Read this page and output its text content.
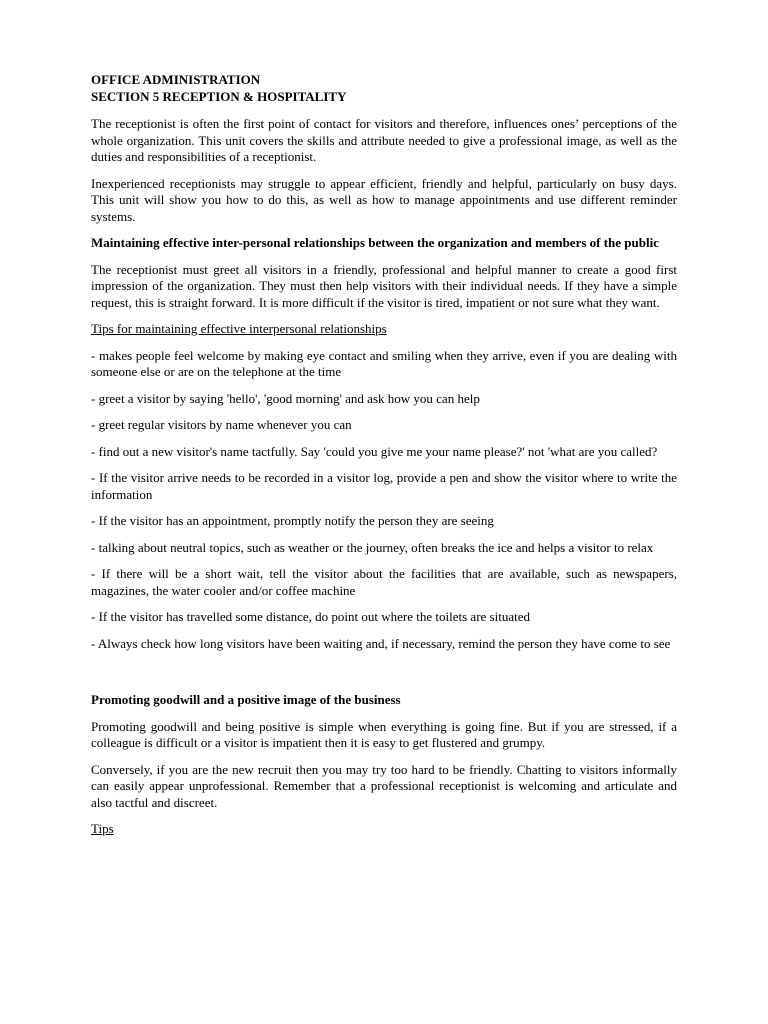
OFFICE ADMINISTRATION
SECTION 5 RECEPTION & HOSPITALITY

The receptionist is often the first point of contact for visitors and therefore, influences ones’ perceptions of the whole organization. This unit covers the skills and attribute needed to give a professional image, as well as the duties and responsibilities of a receptionist.

Inexperienced receptionists may struggle to appear efficient, friendly and helpful, particularly on busy days. This unit will show you how to do this, as well as how to manage appointments and use different reminder systems.

Maintaining effective inter-personal relationships between the organization and members of the public

The receptionist must greet all visitors in a friendly, professional and helpful manner to create a good first impression of the organization. They must then help visitors with their individual needs. If they have a simple request, this is straight forward. It is more difficult if the visitor is tired, impatient or not sure what they want.

Tips for maintaining effective interpersonal relationships

- makes people feel welcome by making eye contact and smiling when they arrive, even if you are dealing with someone else or are on the telephone at the time

- greet a visitor by saying 'hello', 'good morning' and ask how you can help

- greet regular visitors by name whenever you can

- find out a new visitor's name tactfully. Say 'could you give me your name please?' not 'what are you called?

- If the visitor arrive needs to be recorded in a visitor log, provide a pen and show the visitor where to write the information

- If the visitor has an appointment, promptly notify the person they are seeing

- talking about neutral topics, such as weather or the journey, often breaks the ice and helps a visitor to relax

- If there will be a short wait, tell the visitor about the facilities that are available, such as newspapers, magazines, the water cooler and/or coffee machine

- If the visitor has travelled some distance, do point out where the toilets are situated

- Always check how long visitors have been waiting and, if necessary, remind the person they have come to see

Promoting goodwill and a positive image of the business

Promoting goodwill and being positive is simple when everything is going fine. But if you are stressed, if a colleague is difficult or a visitor is impatient then it is easy to get flustered and grumpy.

Conversely, if you are the new recruit then you may try too hard to be friendly. Chatting to visitors informally can easily appear unprofessional. Remember that a professional receptionist is welcoming and articulate and also tactful and discreet.

Tips
